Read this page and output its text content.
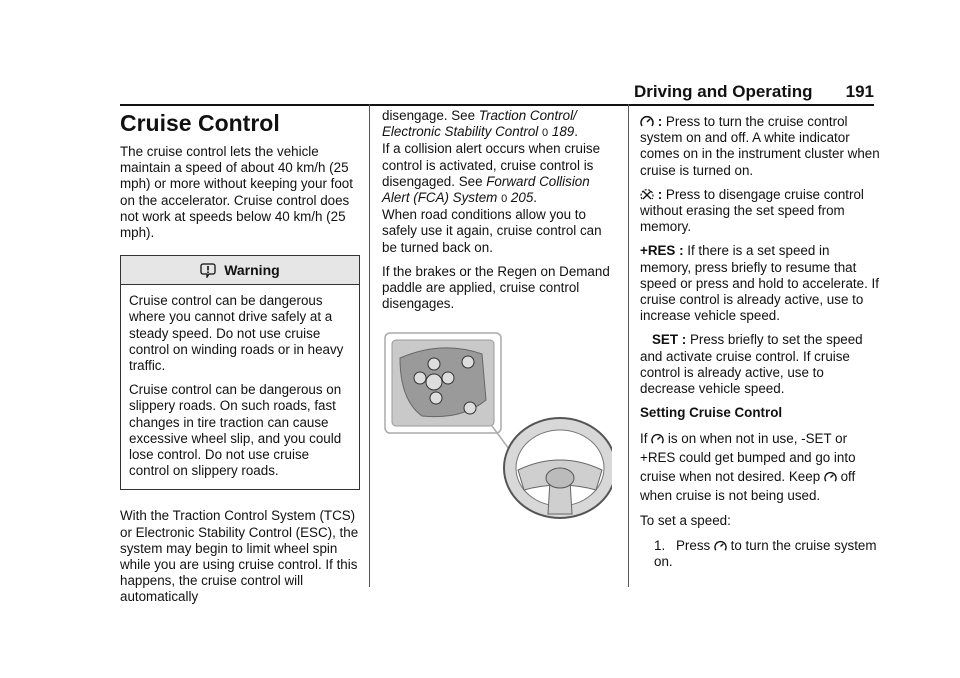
Driving and Operating 191
Cruise Control

The cruise control lets the vehicle maintain a speed of about 40 km/h (25 mph) or more without keeping your foot on the accelerator. Cruise control does not work at speeds below 40 km/h (25 mph).

Warning

Cruise control can be dangerous where you cannot drive safely at a steady speed. Do not use cruise control on winding roads or in heavy traffic.

Cruise control can be dangerous on slippery roads. On such roads, fast changes in tire traction can cause excessive wheel slip, and you could lose control. Do not use cruise control on slippery roads.

With the Traction Control System (TCS) or Electronic Stability Control (ESC), the system may begin to limit wheel spin while you are using cruise control. If this happens, the cruise control will automatically

disengage. See Traction Control/ Electronic Stability Control 0 189.

If a collision alert occurs when cruise control is activated, cruise control is disengaged. See Forward Collision Alert (FCA) System 0 205.

When road conditions allow you to safely use it again, cruise control can be turned back on.

If the brakes or the Regen on Demand paddle are applied, cruise control disengages.

: Press to turn the cruise control system on and off. A white indicator comes on in the instrument cluster when cruise is turned on.

: Press to disengage cruise control without erasing the set speed from memory.

+RES : If there is a set speed in memory, press briefly to resume that speed or press and hold to accelerate. If cruise control is already active, use to increase vehicle speed.

SET : Press briefly to set the speed and activate cruise control. If cruise control is already active, use to decrease vehicle speed.

Setting Cruise Control

If  is on when not in use, -SET or +RES could get bumped and go into cruise when not desired. Keep  off when cruise is not being used.

To set a speed:

1. Press  to turn the cruise system on.
